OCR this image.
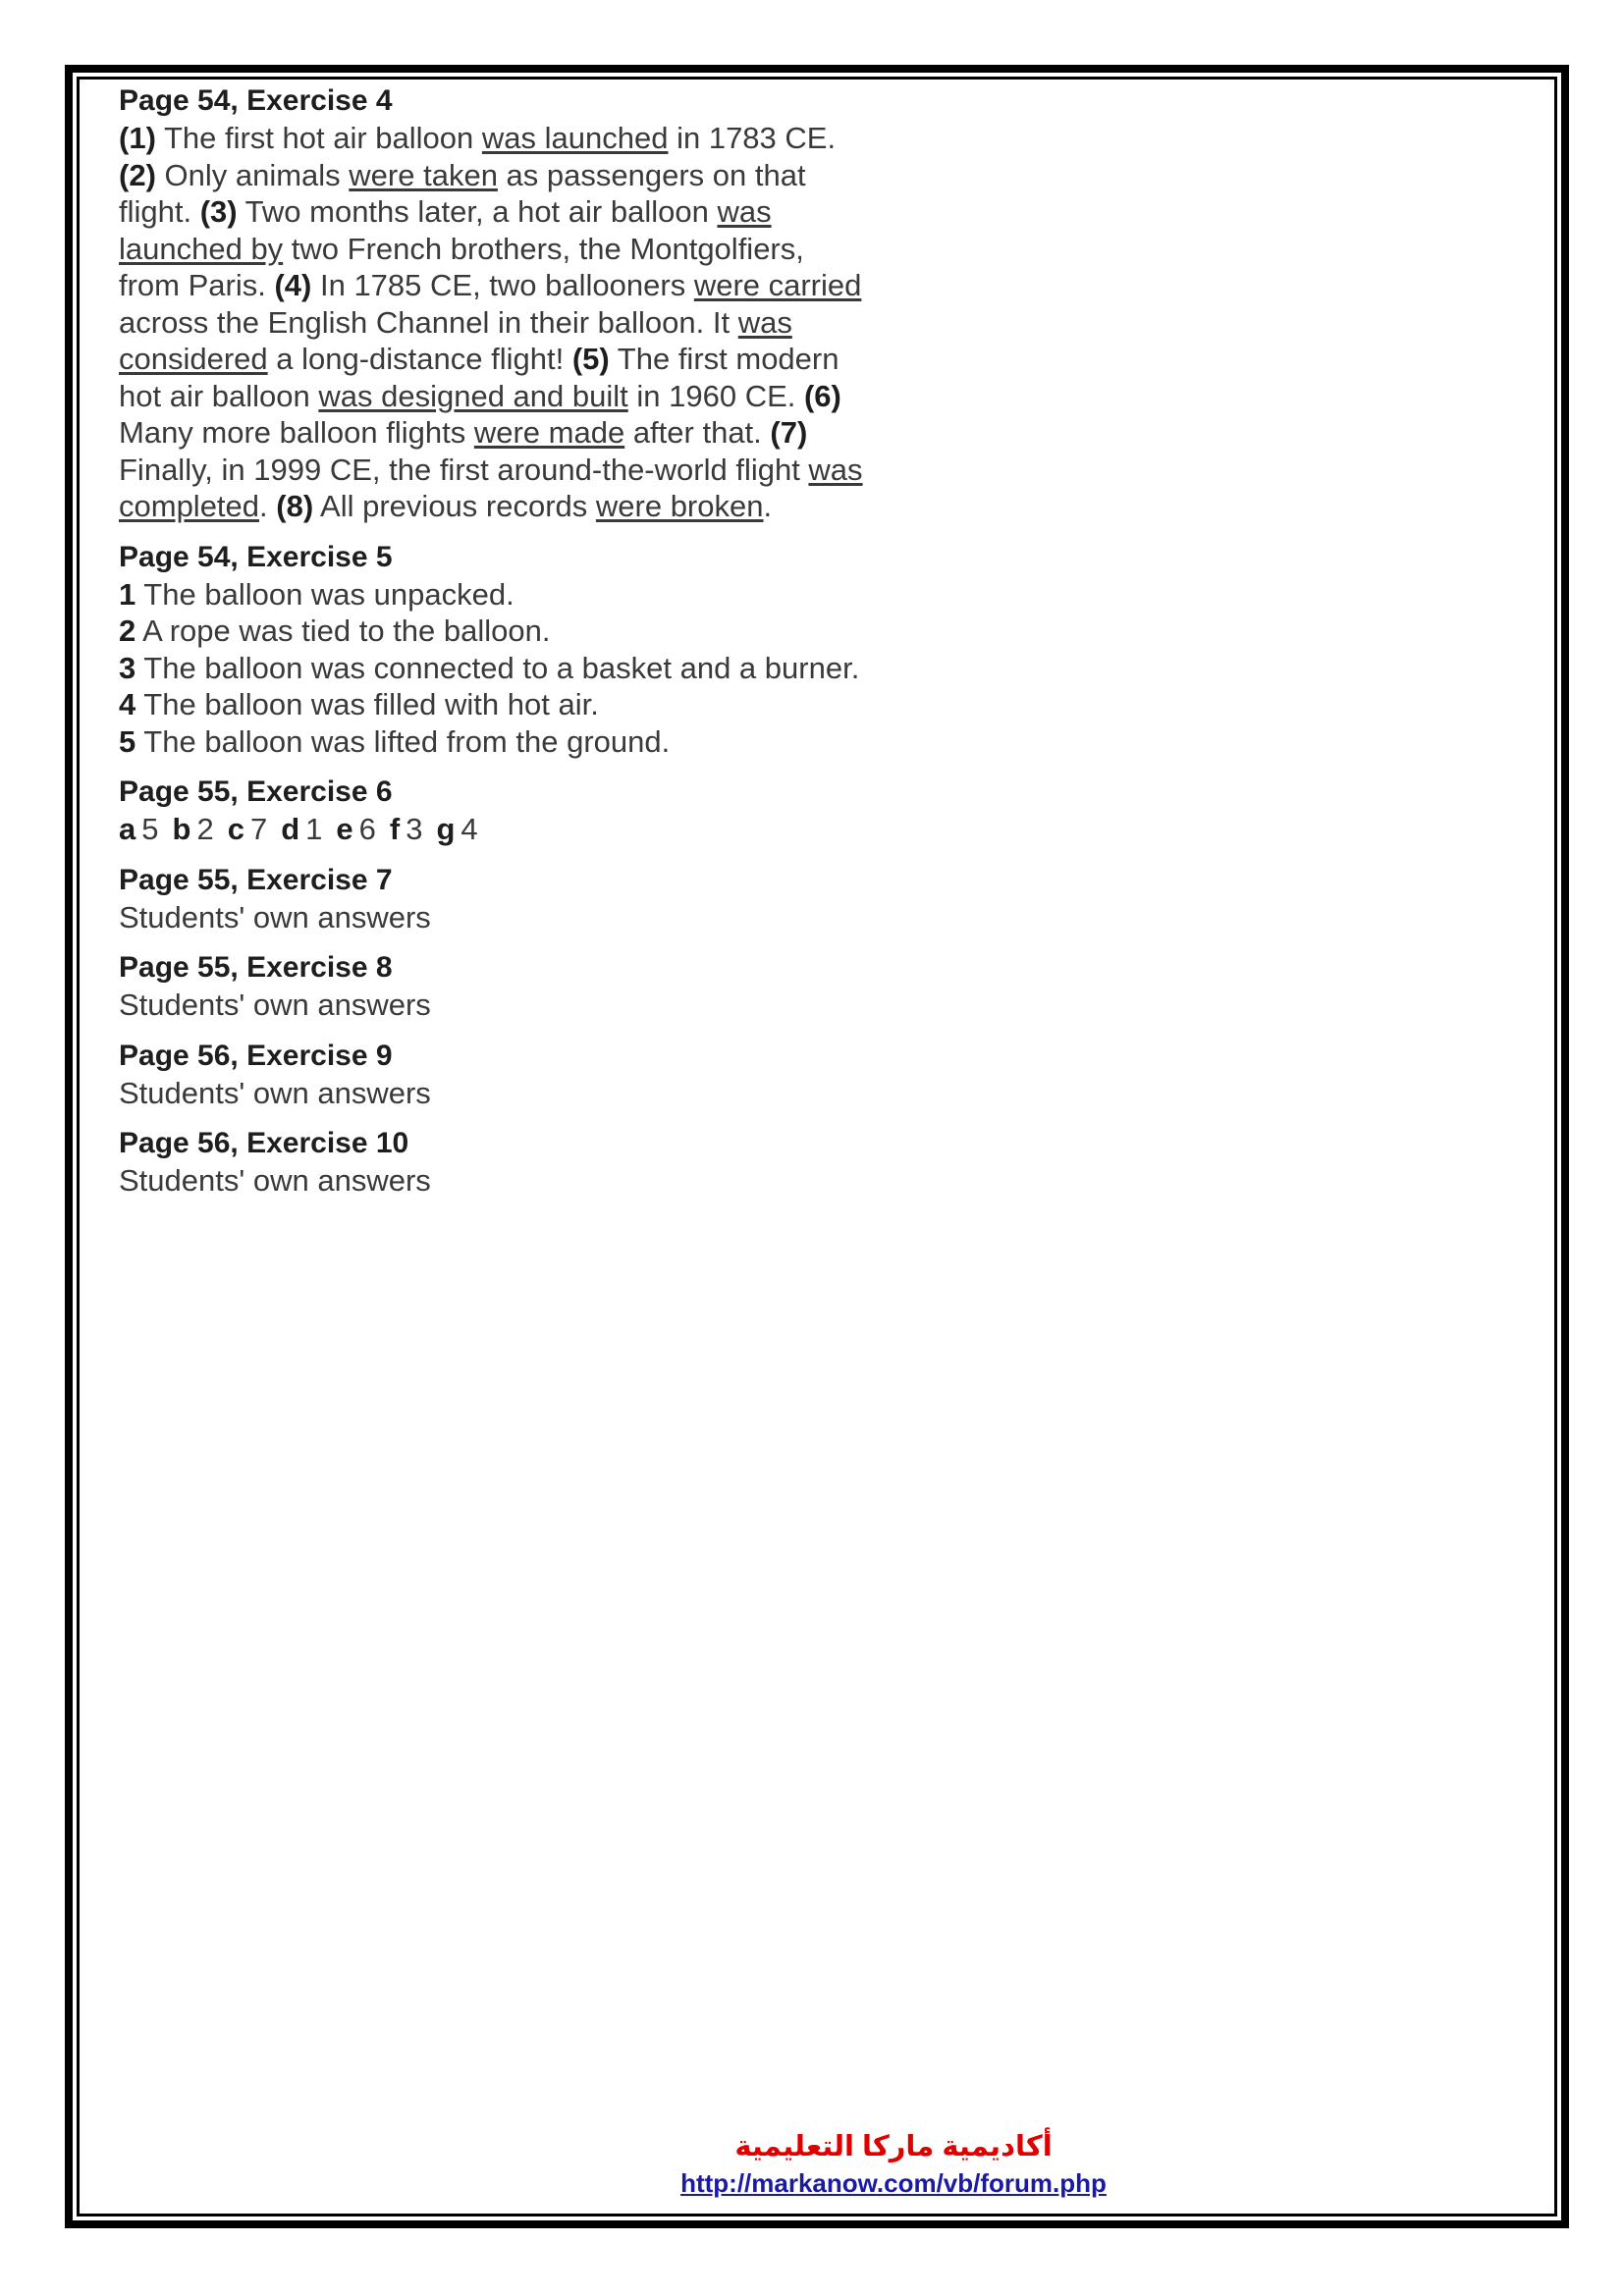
Page 54, Exercise 4

(1) The first hot air balloon was launched in 1783 CE. (2) Only animals were taken as passengers on that flight. (3) Two months later, a hot air balloon was launched by two French brothers, the Montgolfiers, from Paris. (4) In 1785 CE, two ballooners were carried across the English Channel in their balloon. It was considered a long-distance flight! (5) The first modern hot air balloon was designed and built in 1960 CE. (6) Many more balloon flights were made after that. (7) Finally, in 1999 CE, the first around-the-world flight was completed. (8) All previous records were broken.

Page 54, Exercise 5
1 The balloon was unpacked.
2 A rope was tied to the balloon.
3 The balloon was connected to a basket and a burner.
4 The balloon was filled with hot air.
5 The balloon was lifted from the ground.
Page 55, Exercise 6

a 5 b 2 c 7 d 1 e 6 f 3 g 4

Page 55, Exercise 7

Students' own answers

Page 55, Exercise 8

Students' own answers

Page 56, Exercise 9

Students' own answers

Page 56, Exercise 10

Students' own answers

أكاديمية ماركا التعليمية
http://markanow.com/vb/forum.php
